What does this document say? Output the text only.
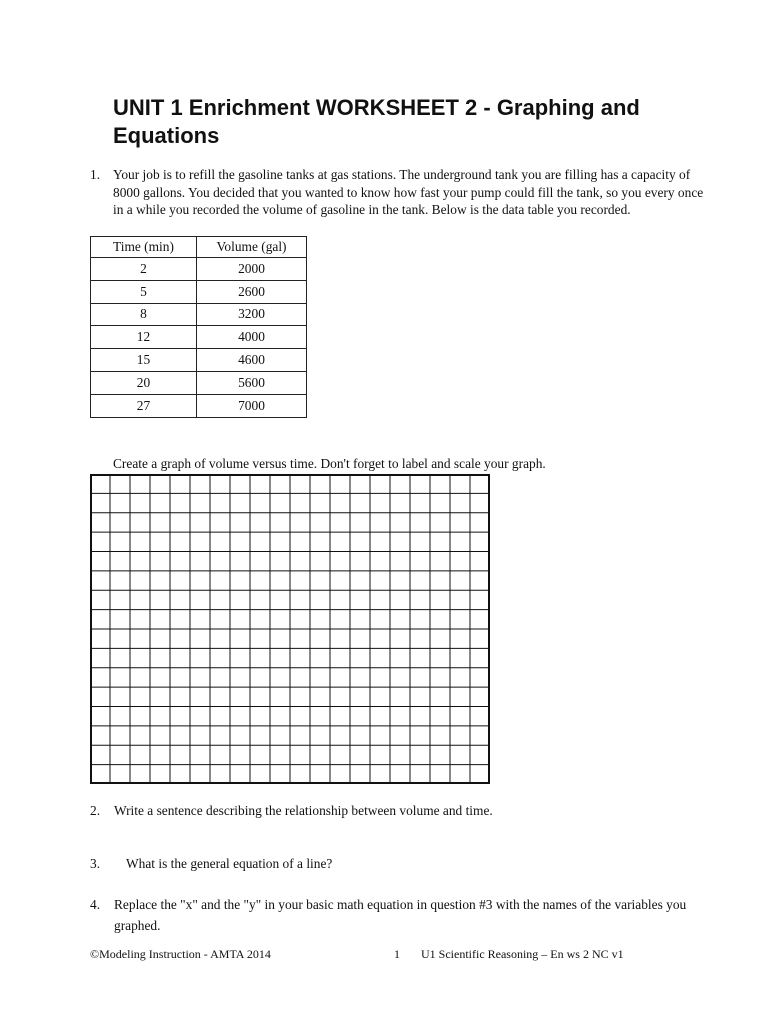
UNIT 1 Enrichment WORKSHEET 2 - Graphing and
Equations
1. Your job is to refill the gasoline tanks at gas stations. The underground tank you are filling has a capacity of 8000 gallons. You decided that you wanted to know how fast your pump could fill the tank, so you every once in a while you recorded the volume of gasoline in the tank. Below is the data table you recorded.
Time (min)	Volume (gal)
2	2000
5	2600
8	3200
12	4000
15	4600
20	5600
27	7000
Create a graph of volume versus time. Don't forget to label and scale your graph.
2. Write a sentence describing the relationship between volume and time.
3. What is the general equation of a line?
4. Replace the "x" and the "y" in your basic math equation in question #3 with the names of the variables you graphed.
©Modeling Instruction - AMTA 2014	1 U1 Scientific Reasoning – En ws 2 NC v1
